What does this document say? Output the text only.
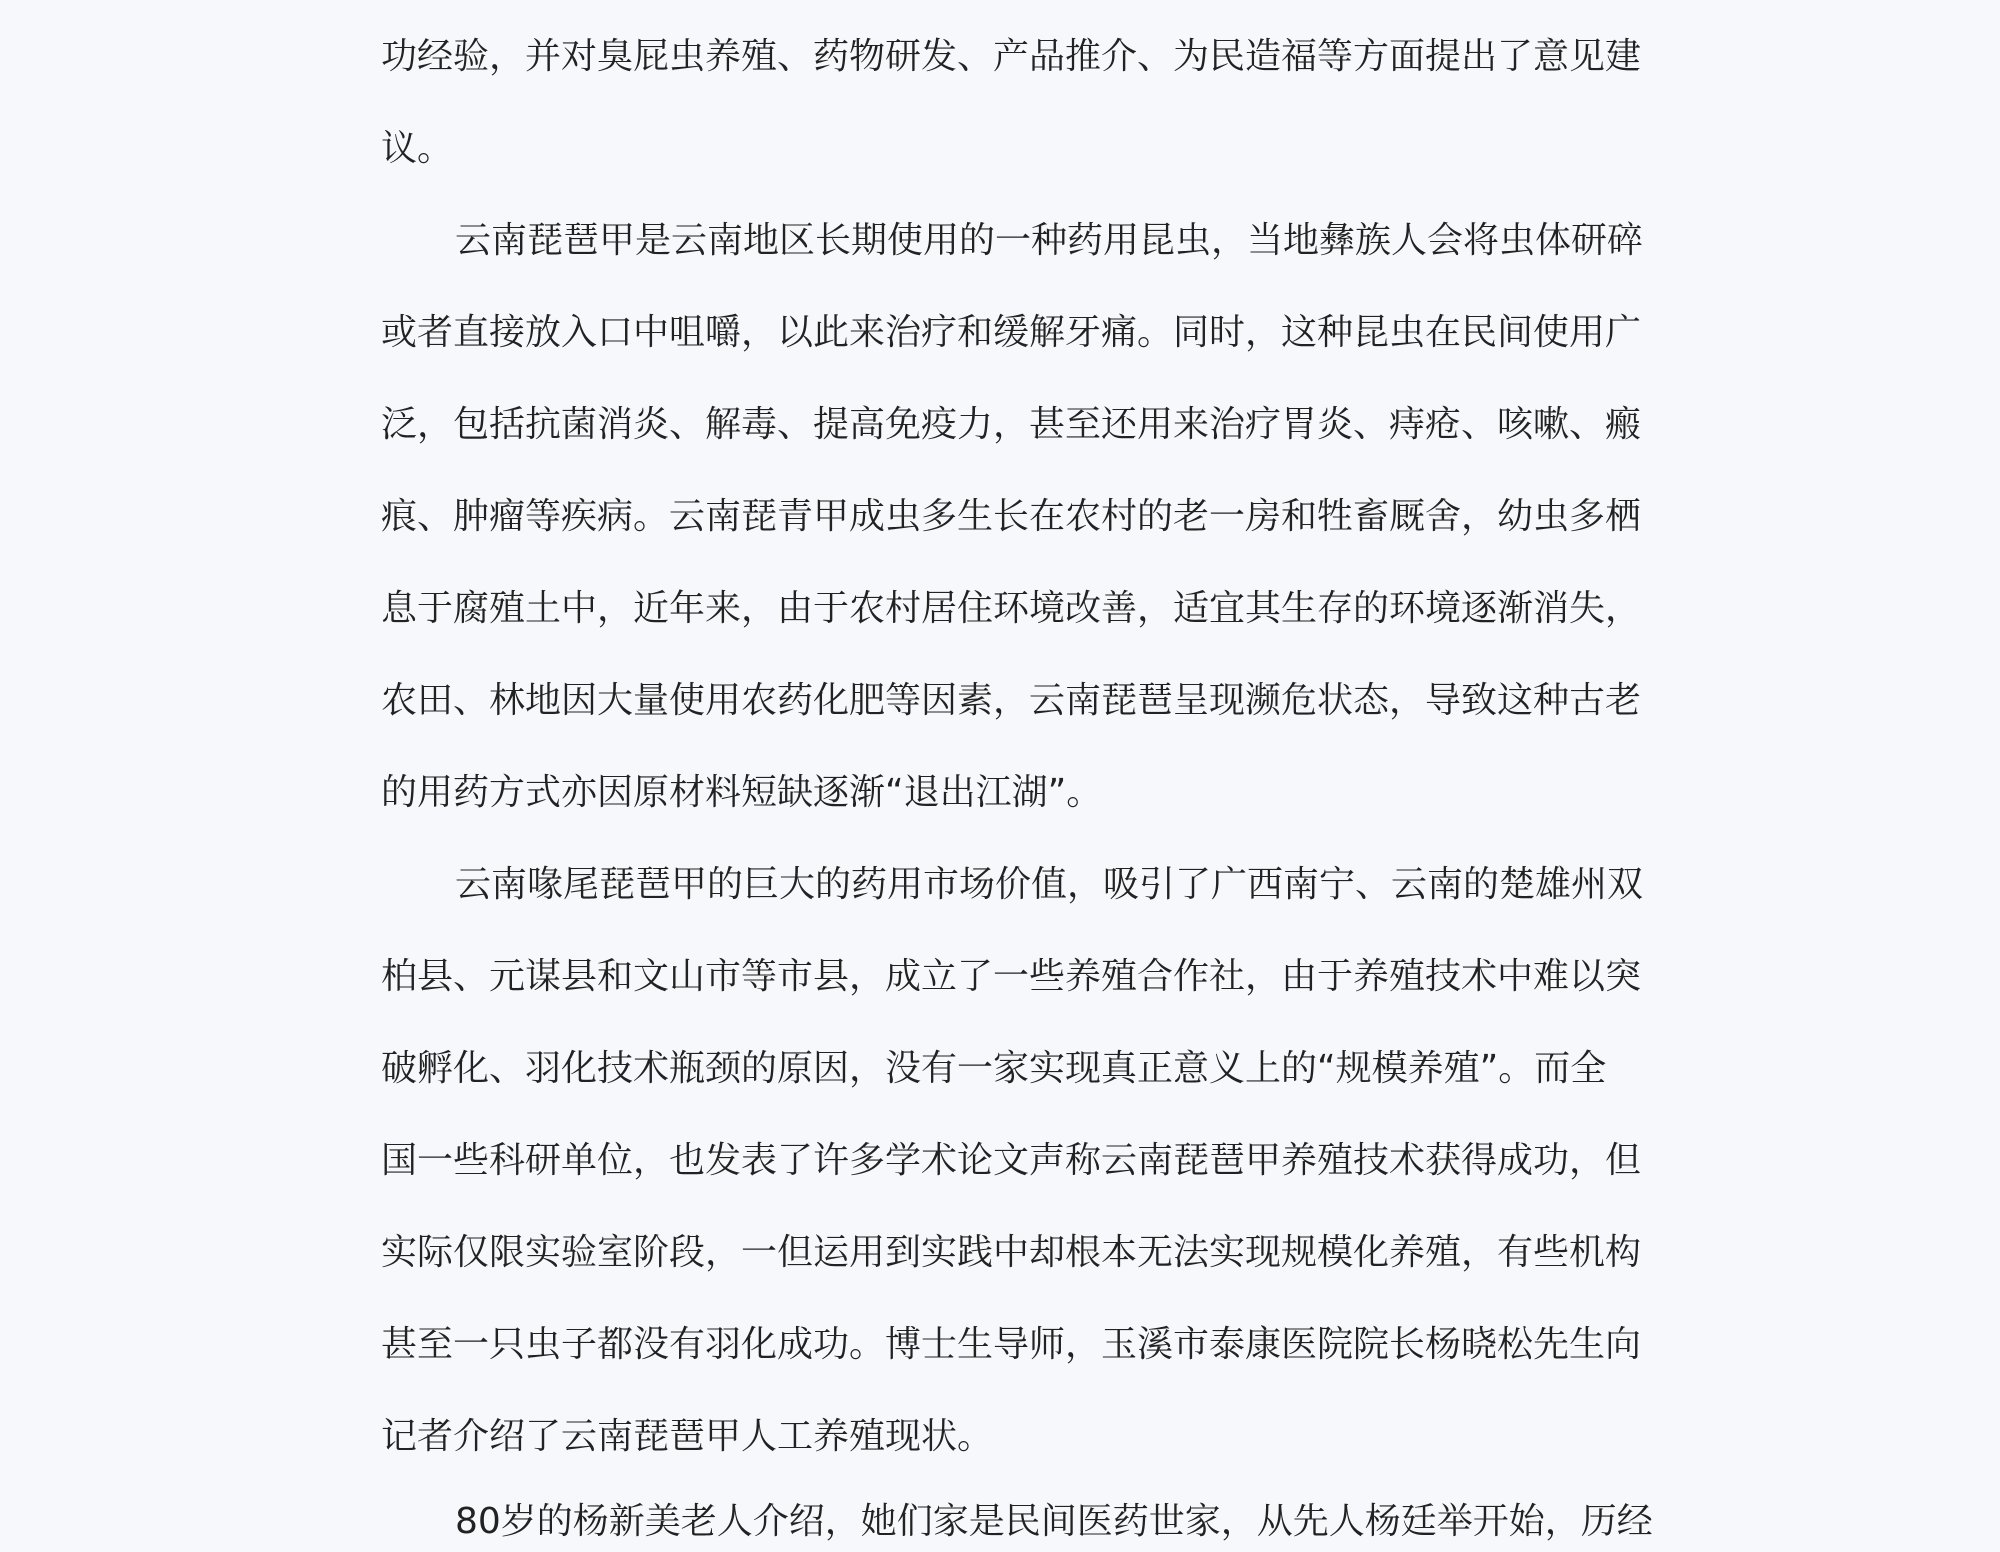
功经验，并对臭屁虫养殖、药物研发、产品推介、为民造福等方面提出了意见建
议。
云南琵琶甲是云南地区长期使用的一种药用昆虫，当地彝族人会将虫体研碎
或者直接放入口中咀嚼，以此来治疗和缓解牙痛。同时，这种昆虫在民间使用广
泛，包括抗菌消炎、解毒、提高免疫力，甚至还用来治疗胃炎、痔疮、咳嗽、瘢
痕、肿瘤等疾病。云南琵青甲成虫多生长在农村的老一房和牲畜厩舍，幼虫多栖
息于腐殖土中，近年来，由于农村居住环境改善，适宜其生存的环境逐渐消失，
农田、林地因大量使用农药化肥等因素，云南琵琶呈现濒危状态，导致这种古老
的用药方式亦因原材料短缺逐渐“退出江湖”。
云南喙尾琵琶甲的巨大的药用市场价值，吸引了广西南宁、云南的楚雄州双
柏县、元谋县和文山市等市县，成立了一些养殖合作社，由于养殖技术中难以突
破孵化、羽化技术瓶颈的原因，没有一家实现真正意义上的“规模养殖”。而全
国一些科研单位，也发表了许多学术论文声称云南琵琶甲养殖技术获得成功，但
实际仅限实验室阶段，一但运用到实践中却根本无法实现规模化养殖，有些机构
甚至一只虫子都没有羽化成功。博士生导师，玉溪市泰康医院院长杨晓松先生向
记者介绍了云南琵琶甲人工养殖现状。
80岁的杨新美老人介绍，她们家是民间医药世家，从先人杨廷举开始，历经
